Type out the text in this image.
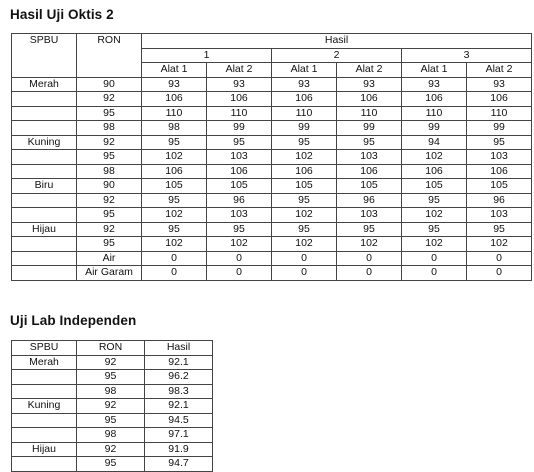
Hasil Uji Oktis 2
SPBU	RON	Hasil					
		1		2		3	
		Alat 1	Alat 2	Alat 1	Alat 2	Alat 1	Alat 2
Merah	90	93	93	93	93	93	93
	92	106	106	106	106	106	106
	95	110	110	110	110	110	110
	98	98	99	99	99	99	99
Kuning	92	95	95	95	95	94	95
	95	102	103	102	103	102	103
	98	106	106	106	106	106	106
Biru	90	105	105	105	105	105	105
	92	95	96	95	96	95	96
	95	102	103	102	103	102	103
Hijau	92	95	95	95	95	95	95
	95	102	102	102	102	102	102
	Air	0	0	0	0	0	0
	Air Garam	0	0	0	0	0	0
Uji Lab Independen
SPBU	RON	Hasil
Merah	92	92.1
	95	96.2
	98	98.3
Kuning	92	92.1
	95	94.5
	98	97.1
Hijau	92	91.9
	95	94.7
